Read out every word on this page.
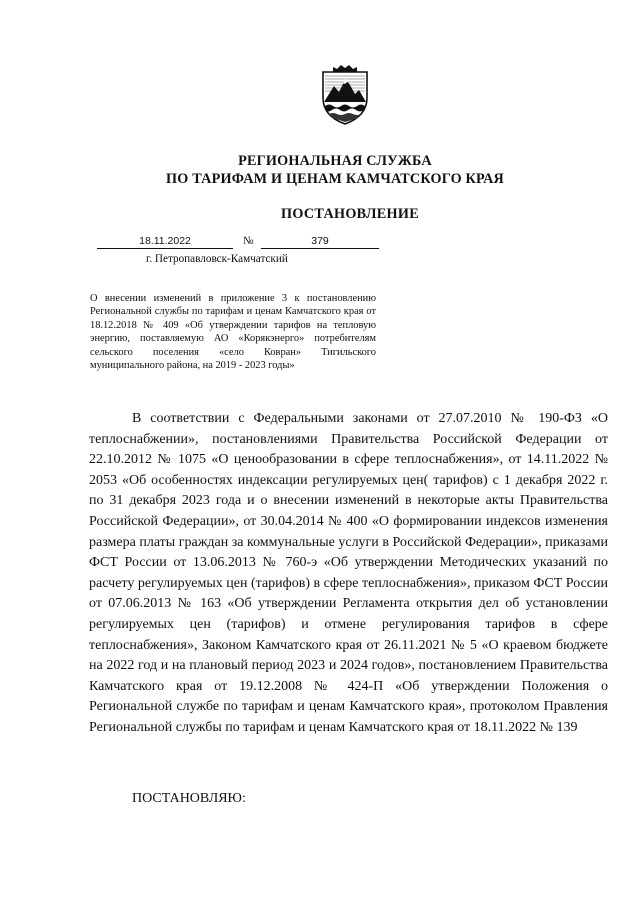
РЕГИОНАЛЬНАЯ СЛУЖБА
ПО ТАРИФАМ И ЦЕНАМ КАМЧАТСКОГО КРАЯ
ПОСТАНОВЛЕНИЕ
18.11.2022	№	379
г. Петропавловск-Камчатский
О внесении изменений в приложение 3 к постановлению Региональной службы по тарифам и ценам Камчатского края от 18.12.2018 № 409 «Об утверждении тарифов на тепловую энергию, поставляемую АО «Корякэнерго» потребителям сельского поселения «село Ковран» Тигильского муниципального района, на 2019 - 2023 годы»

В соответствии с Федеральными законами от 27.07.2010 № 190-ФЗ «О теплоснабжении», постановлениями Правительства Российской Федерации от 22.10.2012 № 1075 «О ценообразовании в сфере теплоснабжения», от 14.11.2022 № 2053 «Об особенностях индексации регулируемых цен( тарифов) с 1 декабря 2022 г. по 31 декабря 2023 года и о внесении изменений в некоторые акты Правительства Российской Федерации», от 30.04.2014 № 400 «О формировании индексов изменения размера платы граждан за коммунальные услуги в Российской Федерации», приказами ФСТ России от 13.06.2013 № 760-э «Об утверждении Методических указаний по расчету регулируемых цен (тарифов) в сфере теплоснабжения», приказом ФСТ России от 07.06.2013 № 163 «Об утверждении Регламента открытия дел об установлении регулируемых цен (тарифов) и отмене регулирования тарифов в сфере теплоснабжения», Законом Камчатского края от 26.11.2021 № 5 «О краевом бюджете на 2022 год и на плановый период 2023 и 2024 годов», постановлением Правительства Камчатского края от 19.12.2008 № 424-П «Об утверждении Положения о Региональной службе по тарифам и ценам Камчатского края», протоколом Правления Региональной службы по тарифам и ценам Камчатского края от 18.11.2022 № 139

ПОСТАНОВЛЯЮ:
